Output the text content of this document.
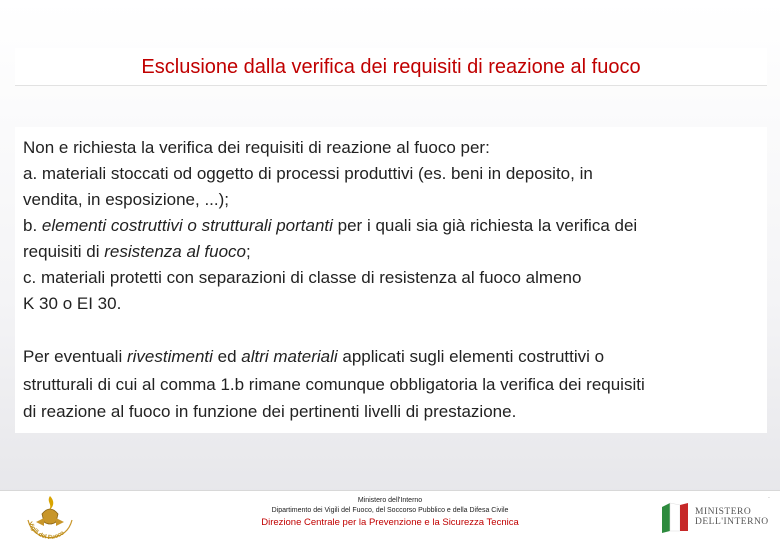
Esclusione dalla verifica dei requisiti di reazione al fuoco
Non e richiesta la verifica dei requisiti di reazione al fuoco per:
a. materiali stoccati od oggetto di processi produttivi (es. beni in deposito, in
vendita, in esposizione, ...);
b. elementi costruttivi o strutturali portanti per i quali sia già richiesta la verifica dei
requisiti di resistenza al fuoco;
c. materiali protetti con separazioni di classe di resistenza al fuoco almeno
K 30 o EI 30.
Per eventuali rivestimenti ed altri materiali applicati sugli elementi costruttivi o
strutturali di cui al comma 1.b rimane comunque obbligatoria la verifica dei requisiti
di reazione al fuoco in funzione dei pertinenti livelli di prestazione.
Vigili del Fuoco
Ministero dell'Interno
Dipartimento dei Vigili del Fuoco, del Soccorso Pubblico e della Difesa Civile
Direzione Centrale per la Prevenzione e la Sicurezza Tecnica
MINISTERO
DELL'INTERNO
.
